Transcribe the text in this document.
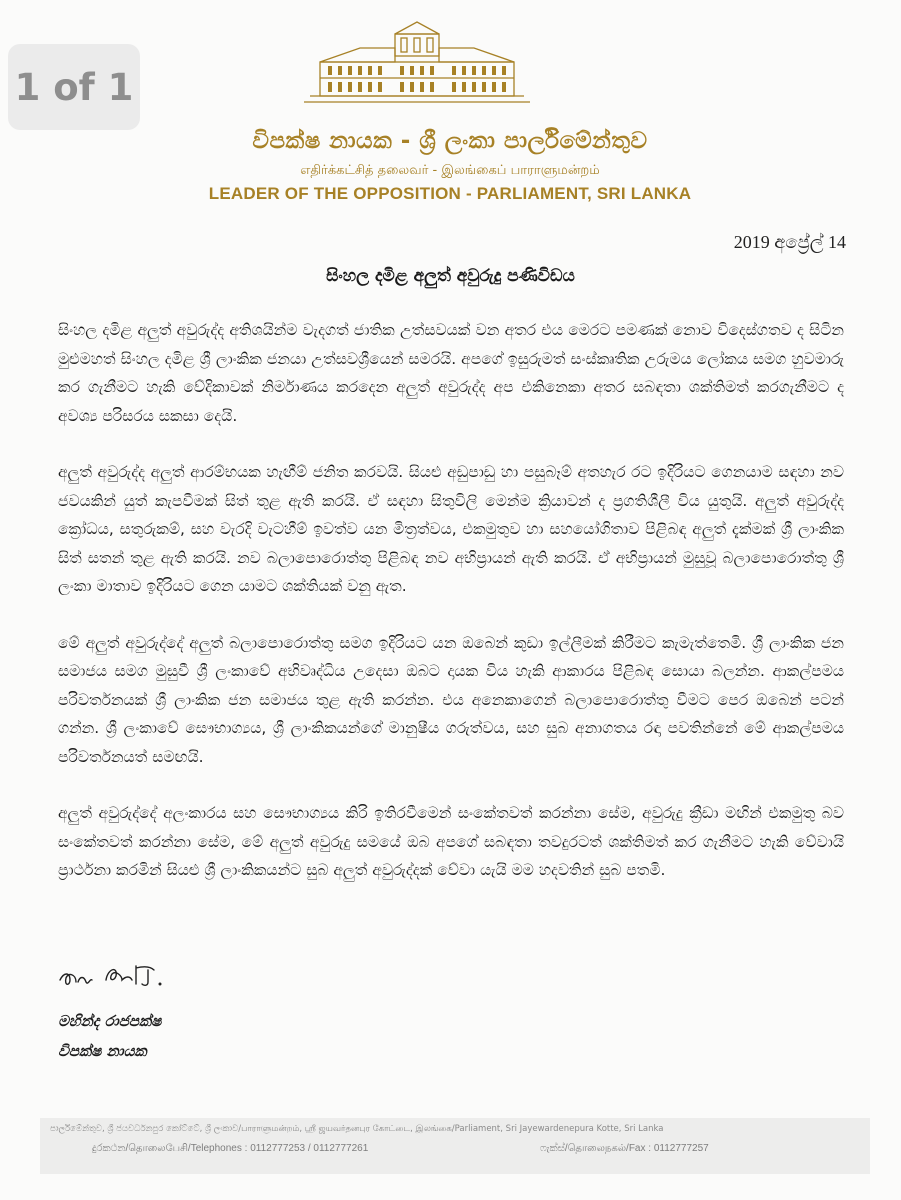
1 of 1
විපක්ෂ නායක - ශ්‍රී ලංකා පාර්ලිමේන්තුව
எதிர்க்கட்சித் தலைவர் - இலங்கைப் பாராளுமன்றம்
LEADER OF THE OPPOSITION - PARLIAMENT, SRI LANKA
2019 අප්‍රේල් 14
සිංහල දමිළ අලුත් අවුරුදු පණිවිඩය

සිංහල දමිළ අලුත් අවුරුද්ද අතිශයින්ම වැදගත් ජාතික උත්සවයක් වන අතර එය මෙරට පමණක් නොව විදෙස්ගතව ද සිටින මුළුමහත් සිංහල දමිළ ශ්‍රී ලාංකික ජනයා උත්සවශ්‍රීයෙන් සමරයි. අපගේ ඉසුරුමත් සංස්කෘතික උරුමය ලෝකය සමග හුවමාරු කර ගැනීමට හැකි වේදිකාවක් නිර්මාණය කරදෙන අලුත් අවුරුද්ද අප එකිනෙකා අතර සබඳතා ශක්තිමත් කරගැනීමට ද අවශ්‍ය පරිසරය සකසා දෙයි.

අලුත් අවුරුද්ද අලුත් ආරම්භයක හැඟීම් ජනිත කරවයි. සියළු අඩුපාඩු හා පසුබෑම් අතහැර රට ඉදිරියට ගෙනයාම සඳහා නව ජවයකින් යුත් කැපවීමක් සිත් තුළ ඇති කරයි. ඒ සඳහා සිතුවිලි මෙන්ම ක්‍රියාවන් ද ප්‍රගතිශීලී විය යුතුයි. අලුත් අවුරුද්ද ක්‍රෝධය, සතුරුකම්, සහ වැරදි වැටහීම් ඉවත්ව යන මිත්‍රත්වය, එකමුතුව හා සහයෝගිතාව පිළිබඳ අලුත් දැක්මක් ශ්‍රී ලාංකික සිත් සතන් තුළ ඇති කරයි. නව බලාපොරොත්තු පිළිබඳ නව අභිප්‍රායන් ඇති කරයි. ඒ අභිප්‍රායන් මුසුවූ බලාපොරොත්තු ශ්‍රී ලංකා මාතාව ඉදිරියට ගෙන යාමට ශක්තියක් වනු ඇත.

මේ අලුත් අවුරුද්දේ අලුත් බලාපොරොත්තු සමග ඉදිරියට යන ඔබෙන් කුඩා ඉල්ලීමක් කිරීමට කැමැත්තෙමි. ශ්‍රී ලාංකික ජන සමාජය සමග මුසුවී ශ්‍රී ලංකාවේ අභිවෘද්ධිය උදෙසා ඔබට දායක විය හැකි ආකාරය පිළිබඳ සොයා බලන්න. ආකල්පමය පරිවර්තනයක් ශ්‍රී ලාංකික ජන සමාජය තුළ ඇති කරන්න. එය අනෙකාගෙන් බලාපොරොත්තු වීමට පෙර ඔබෙන් පටන් ගන්න. ශ්‍රී ලංකාවේ සෞභාග්‍යය, ශ්‍රී ලාංකිකයන්ගේ මානුෂීය ගරුත්වය, සහ සුබ අනාගතය රඳා පවතින්නේ මේ ආකල්පමය පරිවර්තනයත් සමඟයි.

අලුත් අවුරුද්දේ අලංකාරය සහ සෞභාග්‍යය කිරි ඉතිරවීමෙන් සංකේතවත් කරන්නා සේම, අවුරුදු ක්‍රීඩා මඟින් එකමුතු බව සංකේතවත් කරන්නා සේම, මේ අලුත් අවුරුදු සමයේ ඔබ අපගේ සබඳතා තවදුරටත් ශක්තිමත් කර ගැනීමට හැකි වේවායි ප්‍රාර්ථනා කරමින් සියළු ශ්‍රී ලාංකිකයන්ට සුබ අලුත් අවුරුද්දක් වේවා යැයි මම හදවතින් සුබ පතමි.

මහින්ද රාජපක්ෂ
විපක්ෂ නායක
පාර්ලිමේන්තුව, ශ්‍රී ජයවර්ධනපුර කෝට්ටේ, ශ්‍රී ලංකාව/பாராளுமன்றம், ஸ்ரீ ஜயவர்தனபுர கோட்டை, இலங்கை/Parliament, Sri Jayewardenepura Kotte, Sri Lanka
දුරකථන/தொலைபேசி/Telephones : 0112777253 / 0112777261	ෆැක්ස්/தொலைநகல்/Fax : 0112777257
